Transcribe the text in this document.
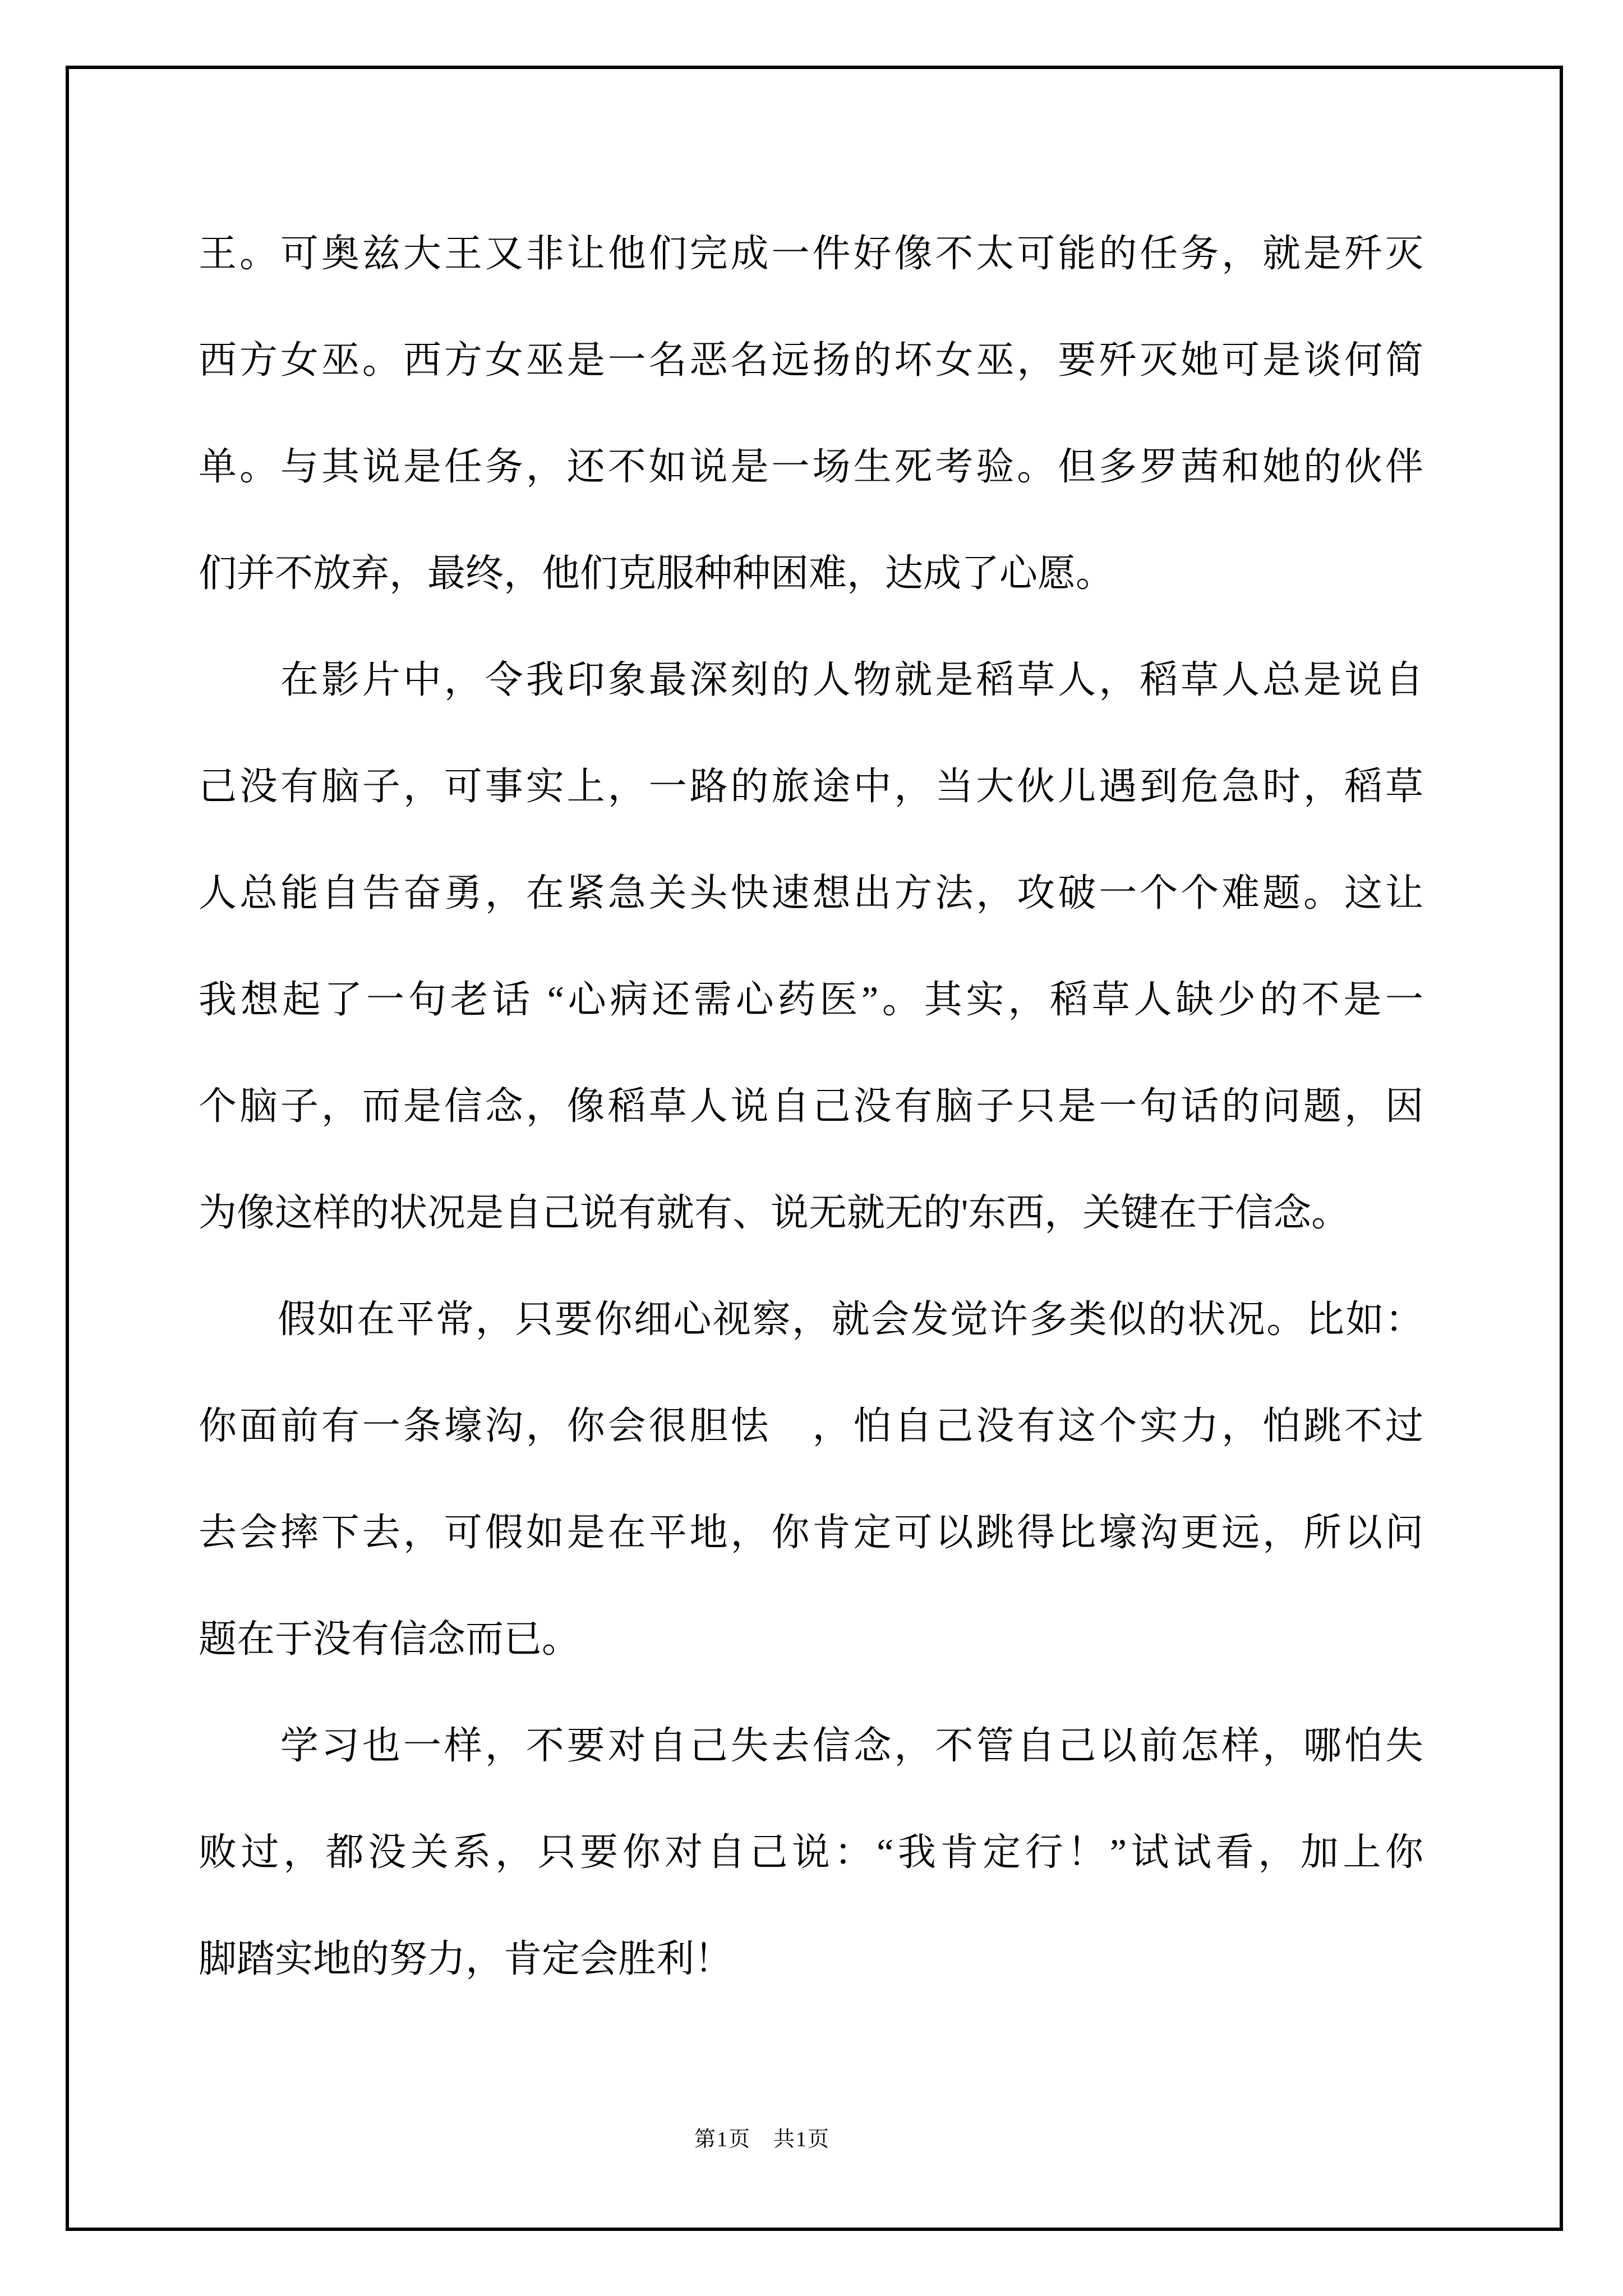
王。可奥兹大王又非让他们完成一件好像不太可能的任务，就是歼灭
西方女巫。西方女巫是一名恶名远扬的坏女巫，要歼灭她可是谈何简
单。与其说是任务，还不如说是一场生死考验。但多罗茜和她的伙伴
们并不放弃，最终，他们克服种种困难，达成了心愿。
　　在影片中，令我印象最深刻的人物就是稻草人，稻草人总是说自
己没有脑子，可事实上，一路的旅途中，当大伙儿遇到危急时，稻草
人总能自告奋勇，在紧急关头快速想出方法，攻破一个个难题。这让
我想起了一句老话 “心病还需心药医”。其实，稻草人缺少的不是一
个脑子，而是信念，像稻草人说自己没有脑子只是一句话的问题，因
为像这样的状况是自己说有就有、说无就无的'东西，关键在于信念。
　　假如在平常，只要你细心视察，就会发觉许多类似的状况。比如：
你面前有一条壕沟，你会很胆怯　，怕自己没有这个实力，怕跳不过
去会摔下去，可假如是在平地，你肯定可以跳得比壕沟更远，所以问
题在于没有信念而已。
　　学习也一样，不要对自己失去信念，不管自己以前怎样，哪怕失
败过，都没关系，只要你对自己说：“我肯定行！”试试看，加上你
脚踏实地的努力，肯定会胜利！
第1页　共1页
